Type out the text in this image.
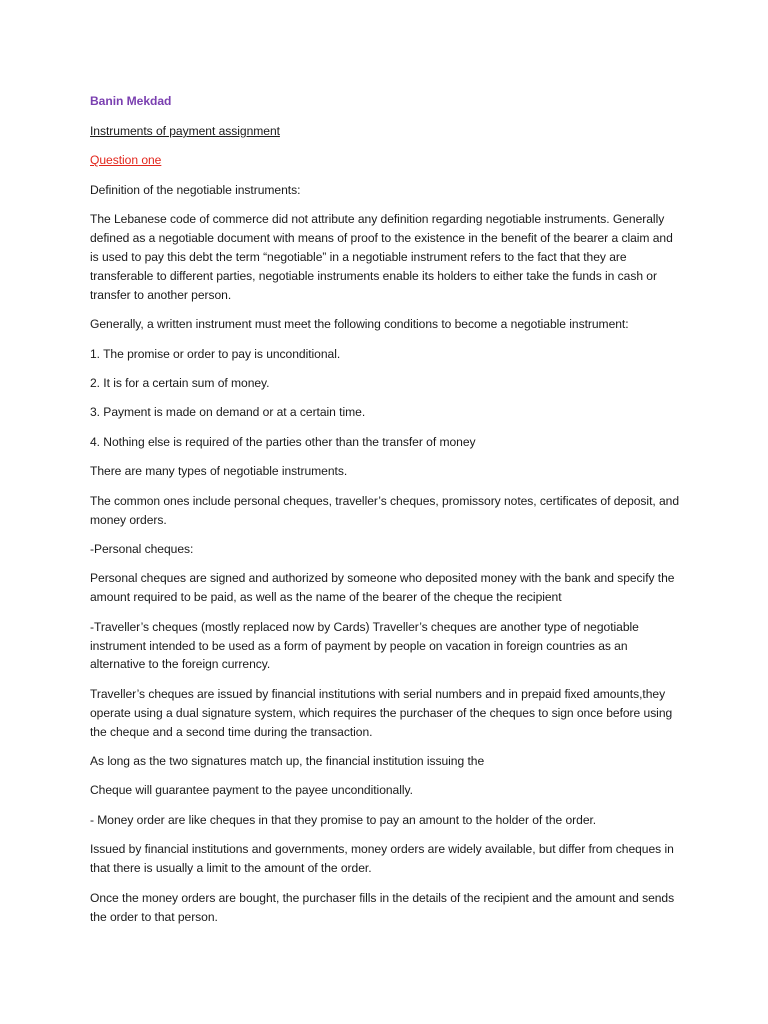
Banin Mekdad

Instruments of payment assignment

Question one

Definition of the negotiable instruments:

The Lebanese code of commerce did not attribute any definition regarding negotiable instruments. Generally defined as a negotiable document with means of proof to the existence in the benefit of the bearer a claim and is used to pay this debt the term “negotiable” in a negotiable instrument refers to the fact that they are transferable to different parties, negotiable instruments enable its holders to either take the funds in cash or transfer to another person.

Generally, a written instrument must meet the following conditions to become a negotiable instrument:

1. The promise or order to pay is unconditional.

2. It is for a certain sum of money.

3. Payment is made on demand or at a certain time.

4. Nothing else is required of the parties other than the transfer of money

There are many types of negotiable instruments.

The common ones include personal cheques, traveller’s cheques, promissory notes, certificates of deposit, and money orders.

-Personal cheques:

Personal cheques are signed and authorized by someone who deposited money with the bank and specify the amount required to be paid, as well as the name of the bearer of the cheque the recipient

-Traveller’s cheques (mostly replaced now by Cards) Traveller’s cheques are another type of negotiable instrument intended to be used as a form of payment by people on vacation in foreign countries as an alternative to the foreign currency.

Traveller’s cheques are issued by financial institutions with serial numbers and in prepaid fixed amounts,they operate using a dual signature system, which requires the purchaser of the cheques to sign once before using the cheque and a second time during the transaction.

As long as the two signatures match up, the financial institution issuing the

Cheque will guarantee payment to the payee unconditionally.

- Money order are like cheques in that they promise to pay an amount to the holder of the order.

Issued by financial institutions and governments, money orders are widely available, but differ from cheques in that there is usually a limit to the amount of the order.

Once the money orders are bought, the purchaser fills in the details of the recipient and the amount and sends the order to that person.
